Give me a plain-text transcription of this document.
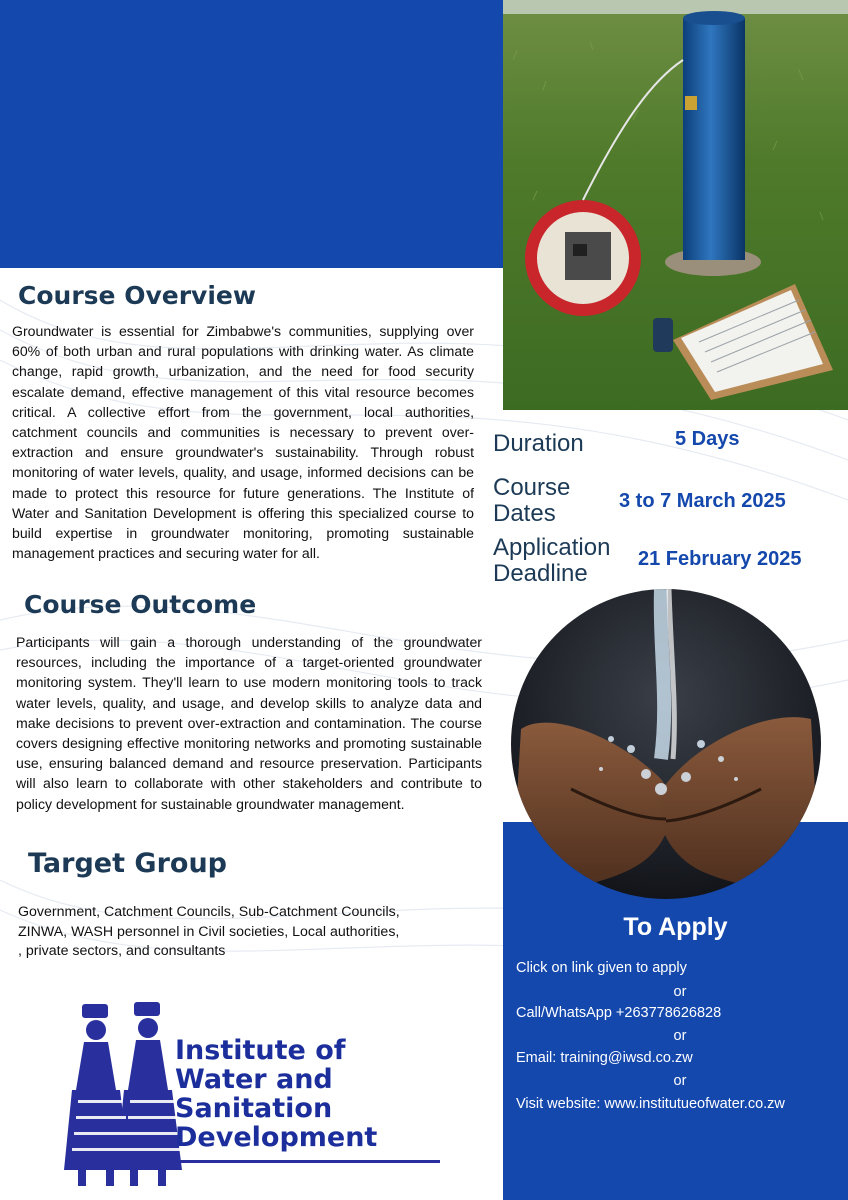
Course Overview

Groundwater is essential for Zimbabwe's communities, supplying over 60% of both urban and rural populations with drinking water. As climate change, rapid growth, urbanization, and the need for food security escalate demand, effective management of this vital resource becomes critical. A collective effort from the government, local authorities, catchment councils and communities is necessary to prevent over-extraction and ensure groundwater's sustainability. Through robust monitoring of water levels, quality, and usage, informed decisions can be made to protect this resource for future generations. The Institute of Water and Sanitation Development is offering this specialized course to build expertise in groundwater monitoring, promoting sustainable management practices and securing water for all.

Duration	5 Days
Course
Dates	3 to 7 March 2025
Application
Deadline
21 February 2025
Course Outcome

Participants will gain a thorough understanding of the groundwater resources, including the importance of a target-oriented groundwater monitoring system. They'll learn to use modern monitoring tools to track water levels, quality, and usage, and develop skills to analyze data and make decisions to prevent over-extraction and contamination. The course covers designing effective monitoring networks and promoting sustainable use, ensuring balanced demand and resource preservation. Participants will also learn to collaborate with other stakeholders and contribute to policy development for sustainable groundwater management.

To Apply
Click on link given to apply
or
Call/WhatsApp +263778626828
or
Email: training@iwsd.co.zw
or
Visit website: www.institutueofwater.co.zw
Target Group
Government, Catchment Councils, Sub-Catchment Councils,
ZINWA, WASH personnel in Civil societies, Local authorities,
, private sectors, and consultants
Institute of
Water and
Sanitation
Development
